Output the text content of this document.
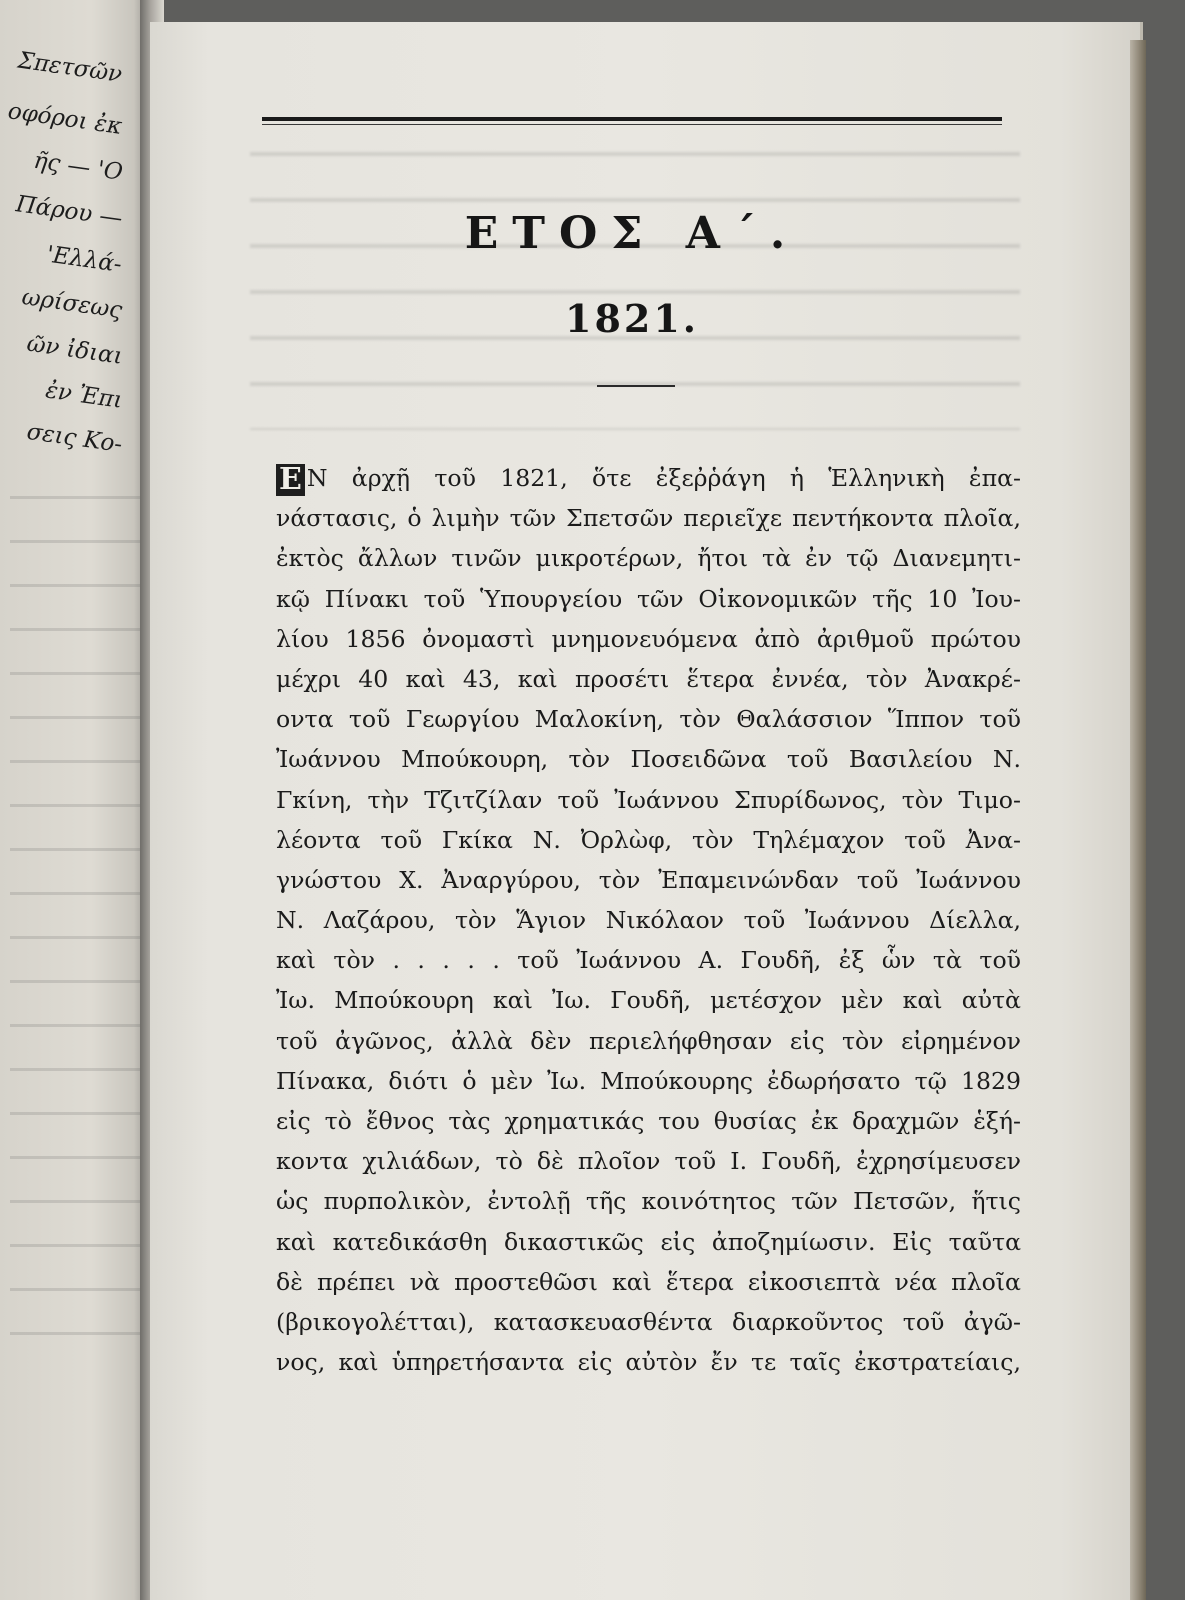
Σπετσῶν
οφόροι ἐκ
ῆς — 'Ο
Πάρου —
'Ελλά-
ωρίσεως
ῶν ἰδιαι
ἐν Ἐπι
σεις Κο-
ΕΤΟΣ Α΄.
1821.
Ε Ν ἀρχῇ τοῦ 1821, ὅτε ἐξεῤῥάγη ἡ Ἑλληνικὴ ἐπα-
νάστασις, ὁ λιμὴν τῶν Σπετσῶν περιεῖχε πεντήκοντα πλοῖα,
ἐκτὸς ἄλλων τινῶν μικροτέρων, ἤτοι τὰ ἐν τῷ Διανεμητι-
κῷ Πίνακι τοῦ Ὑπουργείου τῶν Οἰκονομικῶν τῆς 10 Ἰου-
λίου 1856 ὀνομαστὶ μνημονευόμενα ἀπὸ ἀριθμοῦ πρώτου
μέχρι 40 καὶ 43, καὶ προσέτι ἕτερα ἐννέα, τὸν Ἀνακρέ-
οντα τοῦ Γεωργίου Μαλοκίνη, τὸν Θαλάσσιον Ἵππον τοῦ
Ἰωάννου Μπούκουρη, τὸν Ποσειδῶνα τοῦ Βασιλείου Ν.
Γκίνη, τὴν Τζιτζίλαν τοῦ Ἰωάννου Σπυρίδωνος, τὸν Τιμο-
λέοντα τοῦ Γκίκα Ν. Ὀρλὼφ, τὸν Τηλέμαχον τοῦ Ἀνα-
γνώστου Χ. Ἀναργύρου, τὸν Ἐπαμεινώνδαν τοῦ Ἰωάννου
Ν. Λαζάρου, τὸν Ἅγιον Νικόλαον τοῦ Ἰωάννου Δίελλα,
καὶ τὸν . . . . . τοῦ Ἰωάννου Α. Γουδῆ, ἐξ ὧν τὰ τοῦ
Ἰω. Μπούκουρη καὶ Ἰω. Γουδῆ, μετέσχον μὲν καὶ αὐτὰ
τοῦ ἀγῶνος, ἀλλὰ δὲν περιελήφθησαν εἰς τὸν εἰρημένον
Πίνακα, διότι ὁ μὲν Ἰω. Μπούκουρης ἐδωρήσατο τῷ 1829
εἰς τὸ ἔθνος τὰς χρηματικάς του θυσίας ἐκ δραχμῶν ἑξή-
κοντα χιλιάδων, τὸ δὲ πλοῖον τοῦ Ι. Γουδῆ, ἐχρησίμευσεν
ὡς πυρπολικὸν, ἐντολῇ τῆς κοινότητος τῶν Πετσῶν, ἥτις
καὶ κατεδικάσθη δικαστικῶς εἰς ἀποζημίωσιν. Εἰς ταῦτα
δὲ πρέπει νὰ προστεθῶσι καὶ ἕτερα εἰκοσιεπτὰ νέα πλοῖα
(βρικογολέτται), κατασκευασθέντα διαρκοῦντος τοῦ ἀγῶ-
νος, καὶ ὑπηρετήσαντα εἰς αὐτὸν ἔν τε ταῖς ἐκστρατείαις,
